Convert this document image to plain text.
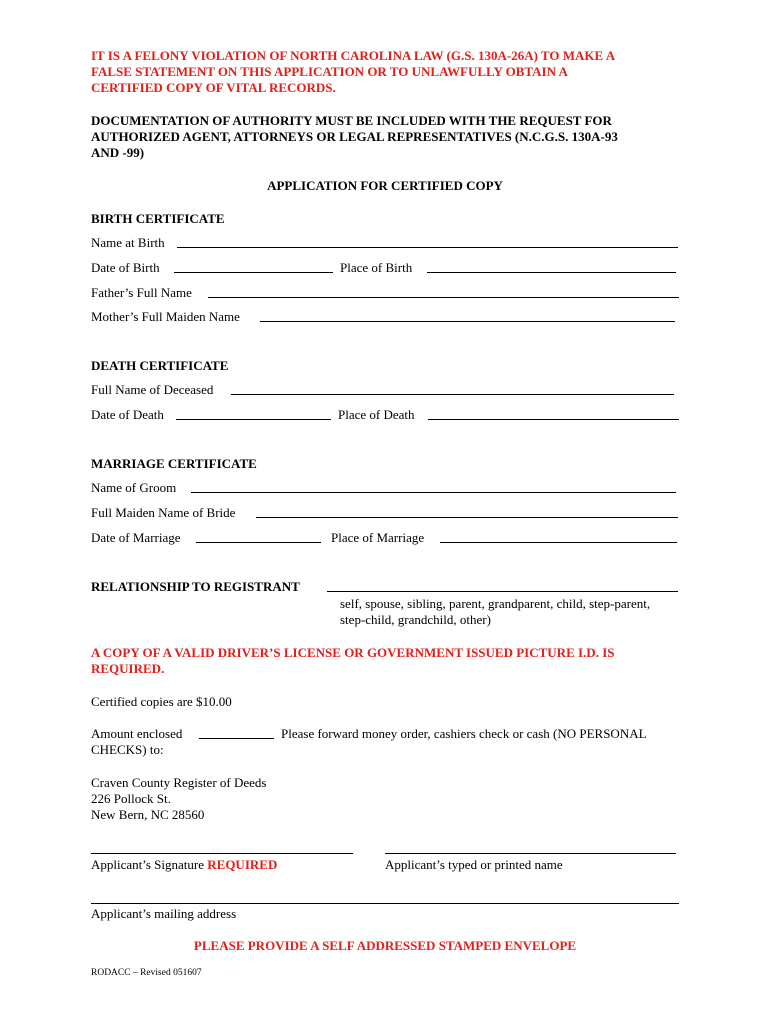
IT IS A FELONY VIOLATION OF NORTH CAROLINA LAW (G.S. 130A-26A) TO MAKE A
FALSE STATEMENT ON THIS APPLICATION OR TO UNLAWFULLY OBTAIN A
CERTIFIED COPY OF VITAL RECORDS.
DOCUMENTATION OF AUTHORITY MUST BE INCLUDED WITH THE REQUEST FOR
AUTHORIZED AGENT, ATTORNEYS OR LEGAL REPRESENTATIVES (N.C.G.S. 130A-93
AND -99)
APPLICATION FOR CERTIFIED COPY
BIRTH CERTIFICATE
Name at Birth
Date of Birth	Place of Birth
Father’s Full Name
Mother’s Full Maiden Name
DEATH CERTIFICATE
Full Name of Deceased
Date of Death	Place of Death
MARRIAGE CERTIFICATE
Name of Groom
Full Maiden Name of Bride
Date of Marriage	Place of Marriage
RELATIONSHIP TO REGISTRANT
self, spouse, sibling, parent, grandparent, child, step-parent,
step-child, grandchild, other)
A COPY OF A VALID DRIVER’S LICENSE OR GOVERNMENT ISSUED PICTURE I.D. IS
REQUIRED.
Certified copies are $10.00
Amount enclosed	Please forward money order, cashiers check or cash (NO PERSONAL
CHECKS) to:
Craven County Register of Deeds
226 Pollock St.
New Bern, NC 28560
Applicant’s Signature REQUIRED	Applicant’s typed or printed name
Applicant’s mailing address
PLEASE PROVIDE A SELF ADDRESSED STAMPED ENVELOPE
RODACC – Revised 051607
